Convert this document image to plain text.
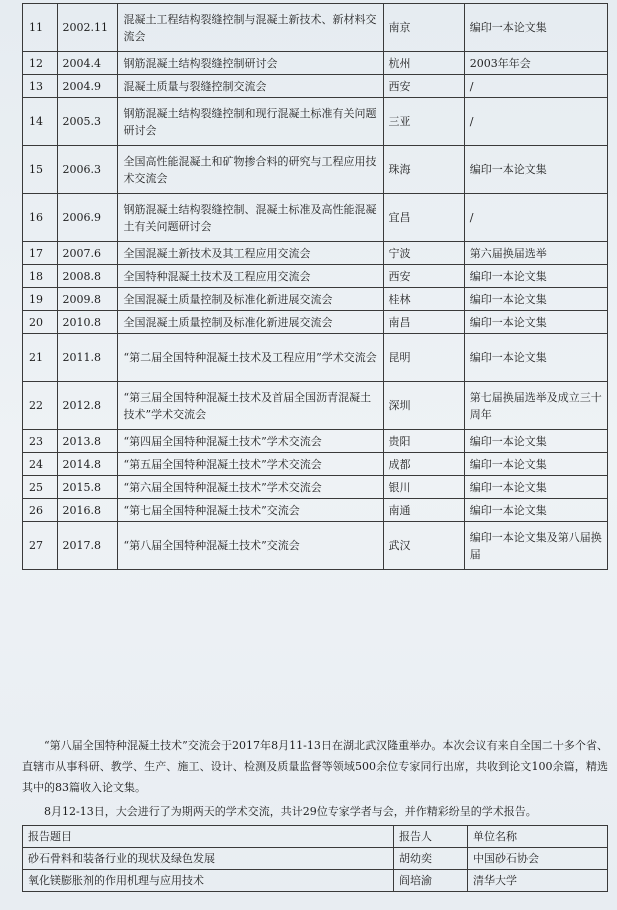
11	2002.11	混凝土工程结构裂缝控制与混凝土新技术、新材料交流会	南京	编印一本论文集
12	2004.4	钢筋混凝土结构裂缝控制研讨会	杭州	2003年年会
13	2004.9	混凝土质量与裂缝控制交流会	西安	/
14	2005.3	钢筋混凝土结构裂缝控制和现行混凝土标准有关问题研讨会	三亚	/
15	2006.3	全国高性能混凝土和矿物掺合料的研究与工程应用技术交流会	珠海	编印一本论文集
16	2006.9	钢筋混凝土结构裂缝控制、混凝土标准及高性能混凝土有关问题研讨会	宜昌	/
17	2007.6	全国混凝土新技术及其工程应用交流会	宁波	第六届换届选举
18	2008.8	全国特种混凝土技术及工程应用交流会	西安	编印一本论文集
19	2009.8	全国混凝土质量控制及标准化新进展交流会	桂林	编印一本论文集
20	2010.8	全国混凝土质量控制及标准化新进展交流会	南昌	编印一本论文集
21	2011.8	“第二届全国特种混凝土技术及工程应用”学术交流会	昆明	编印一本论文集
22	2012.8	“第三届全国特种混凝土技术及首届全国沥青混凝土技术”学术交流会	深圳	第七届换届选举及成立三十周年
23	2013.8	“第四届全国特种混凝土技术”学术交流会	贵阳	编印一本论文集
24	2014.8	“第五届全国特种混凝土技术”学术交流会	成都	编印一本论文集
25	2015.8	“第六届全国特种混凝土技术”学术交流会	银川	编印一本论文集
26	2016.8	“第七届全国特种混凝土技术”交流会	南通	编印一本论文集
27	2017.8	“第八届全国特种混凝土技术”交流会	武汉	编印一本论文集及第八届换届

“第八届全国特种混凝土技术”交流会于2017年8月11-13日在湖北武汉隆重举办。本次会议有来自全国二十多个省、直辖市从事科研、教学、生产、施工、设计、检测及质量监督等领域500余位专家同行出席，共收到论文100余篇，精选其中的83篇收入论文集。

8月12-13日，大会进行了为期两天的学术交流，共计29位专家学者与会，并作精彩纷呈的学术报告。

报告题目	报告人	单位名称
砂石骨料和装备行业的现状及绿色发展	胡幼奕	中国砂石协会
氧化镁膨胀剂的作用机理与应用技术	阎培渝	清华大学
